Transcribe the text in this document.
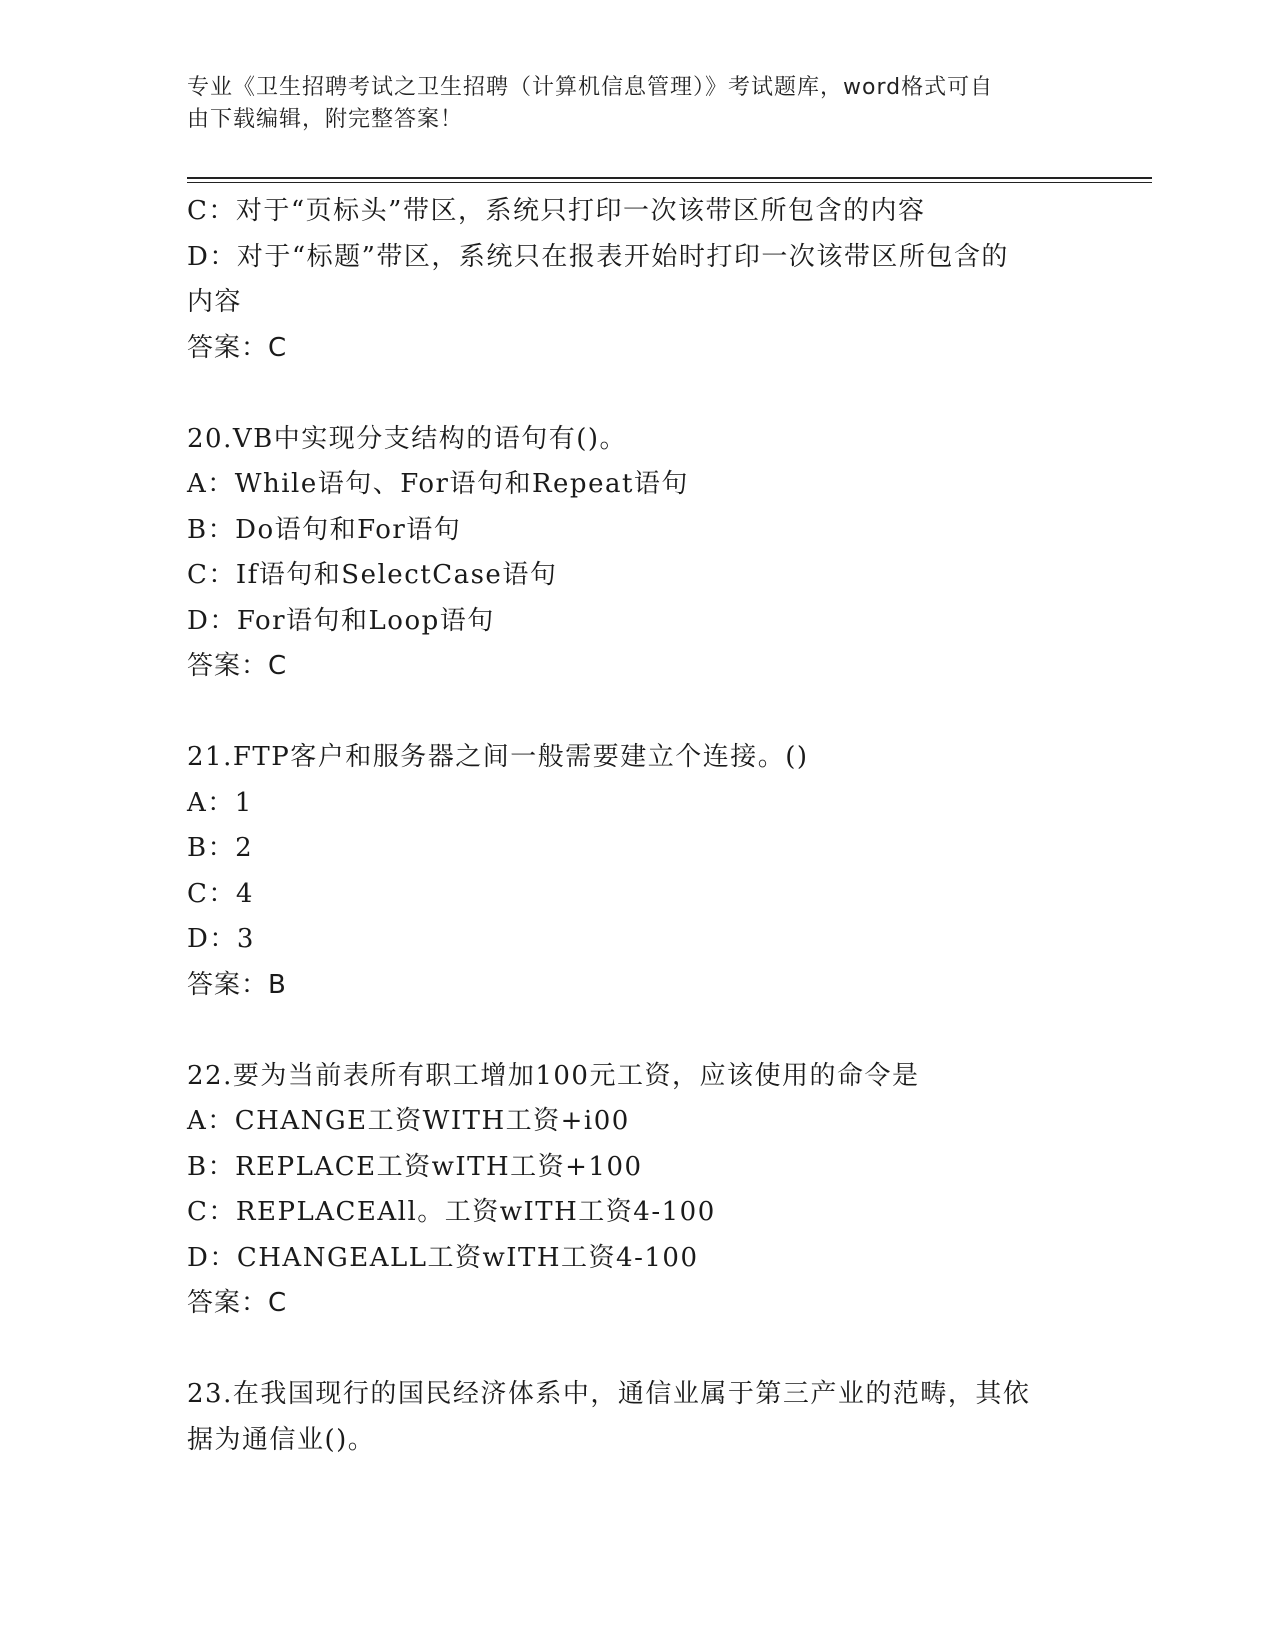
专业《卫生招聘考试之卫生招聘（计算机信息管理）》考试题库，word格式可自
由下载编辑，附完整答案！
C：对于“页标头”带区，系统只打印一次该带区所包含的内容
D：对于“标题”带区，系统只在报表开始时打印一次该带区所包含的
内容
答案：C
20.VB中实现分支结构的语句有()。
A：While语句、For语句和Repeat语句
B：Do语句和For语句
C：If语句和SelectCase语句
D：For语句和Loop语句
答案：C
21.FTP客户和服务器之间一般需要建立个连接。()
A：1
B：2
C：4
D：3
答案：B
22.要为当前表所有职工增加100元工资，应该使用的命令是
A：CHANGE工资WITH工资+i00
B：REPLACE工资wITH工资+100
C：REPLACEAll。工资wITH工资4-100
D：CHANGEALL工资wITH工资4-100
答案：C
23.在我国现行的国民经济体系中，通信业属于第三产业的范畴，其依
据为通信业()。
